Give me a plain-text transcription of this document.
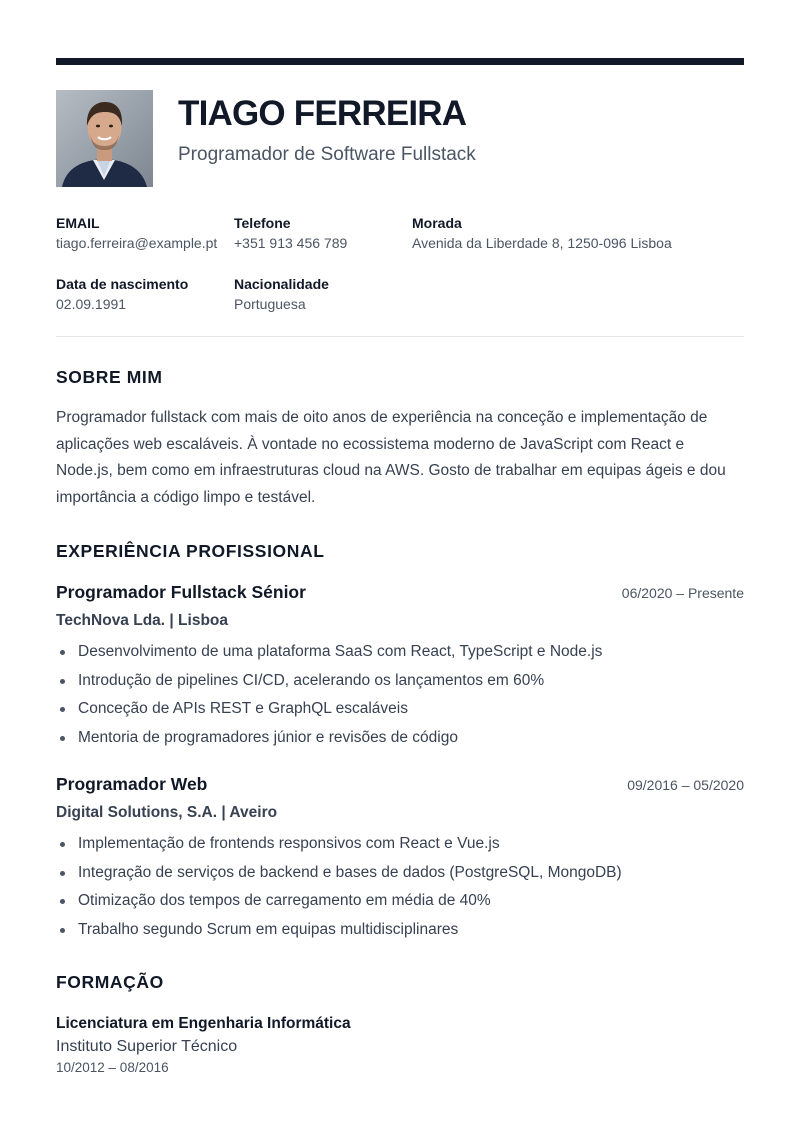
TIAGO FERREIRA
Programador de Software Fullstack
EMAIL
tiago.ferreira@example.pt
Telefone
+351 913 456 789
Morada
Avenida da Liberdade 8, 1250-096 Lisboa
Data de nascimento
02.09.1991
Nacionalidade
Portuguesa
SOBRE MIM

Programador fullstack com mais de oito anos de experiência na conceção e implementação de aplicações web escaláveis. À vontade no ecossistema moderno de JavaScript com React e Node.js, bem como em infraestruturas cloud na AWS. Gosto de trabalhar em equipas ágeis e dou importância a código limpo e testável.

EXPERIÊNCIA PROFISSIONAL
Programador Fullstack Sénior	06/2020 – Presente
TechNova Lda. | Lisboa
Desenvolvimento de uma plataforma SaaS com React, TypeScript e Node.js
Introdução de pipelines CI/CD, acelerando os lançamentos em 60%
Conceção de APIs REST e GraphQL escaláveis
Mentoria de programadores júnior e revisões de código
Programador Web	09/2016 – 05/2020
Digital Solutions, S.A. | Aveiro
Implementação de frontends responsivos com React e Vue.js
Integração de serviços de backend e bases de dados (PostgreSQL, MongoDB)
Otimização dos tempos de carregamento em média de 40%
Trabalho segundo Scrum em equipas multidisciplinares
FORMAÇÃO
Licenciatura em Engenharia Informática
Instituto Superior Técnico
10/2012 – 08/2016
